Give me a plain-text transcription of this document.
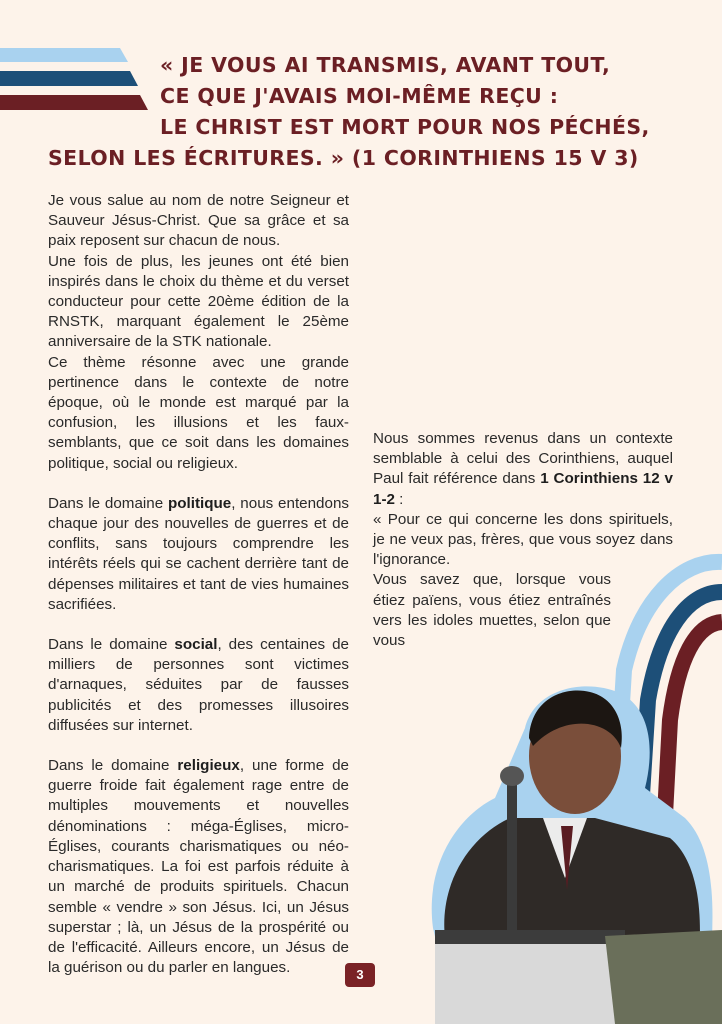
« JE VOUS AI TRANSMIS, AVANT TOUT,
CE QUE J'AVAIS MOI-MÊME REÇU :
LE CHRIST EST MORT POUR NOS PÉCHÉS,
SELON LES ÉCRITURES. » (1 CORINTHIENS 15 V 3)

Je vous salue au nom de notre Seigneur et Sauveur Jésus-Christ. Que sa grâce et sa paix reposent sur chacun de nous.

Une fois de plus, les jeunes ont été bien inspirés dans le choix du thème et du verset conducteur pour cette 20ème édition de la RNSTK, marquant également le 25ème anniversaire de la STK nationale.

Ce thème résonne avec une grande pertinence dans le contexte de notre époque, où le monde est marqué par la confusion, les illusions et les faux-semblants, que ce soit dans les domaines politique, social ou religieux.

Dans le domaine politique, nous entendons chaque jour des nouvelles de guerres et de conflits, sans toujours comprendre les intérêts réels qui se cachent derrière tant de dépenses militaires et tant de vies humaines sacrifiées.

Dans le domaine social, des centaines de milliers de personnes sont victimes d'arnaques, séduites par de fausses publicités et des promesses illusoires diffusées sur internet.

Dans le domaine religieux, une forme de guerre froide fait également rage entre de multiples mouvements et nouvelles dénominations : méga-Églises, micro-Églises, courants charismatiques ou néo-charismatiques. La foi est parfois réduite à un marché de produits spirituels. Chacun semble « vendre » son Jésus. Ici, un Jésus superstar ; là, un Jésus de la prospérité ou de l'efficacité. Ailleurs encore, un Jésus de la guérison ou du parler en langues.

Nous sommes revenus dans un contexte semblable à celui des Corinthiens, auquel Paul fait référence dans 1 Corinthiens 12 v 1-2 :

« Pour ce qui concerne les dons spirituels, je ne veux pas, frères, que vous soyez dans l'ignorance.

Vous savez que, lorsque vous étiez païens, vous étiez entraînés vers les idoles muettes, selon que vous

3
